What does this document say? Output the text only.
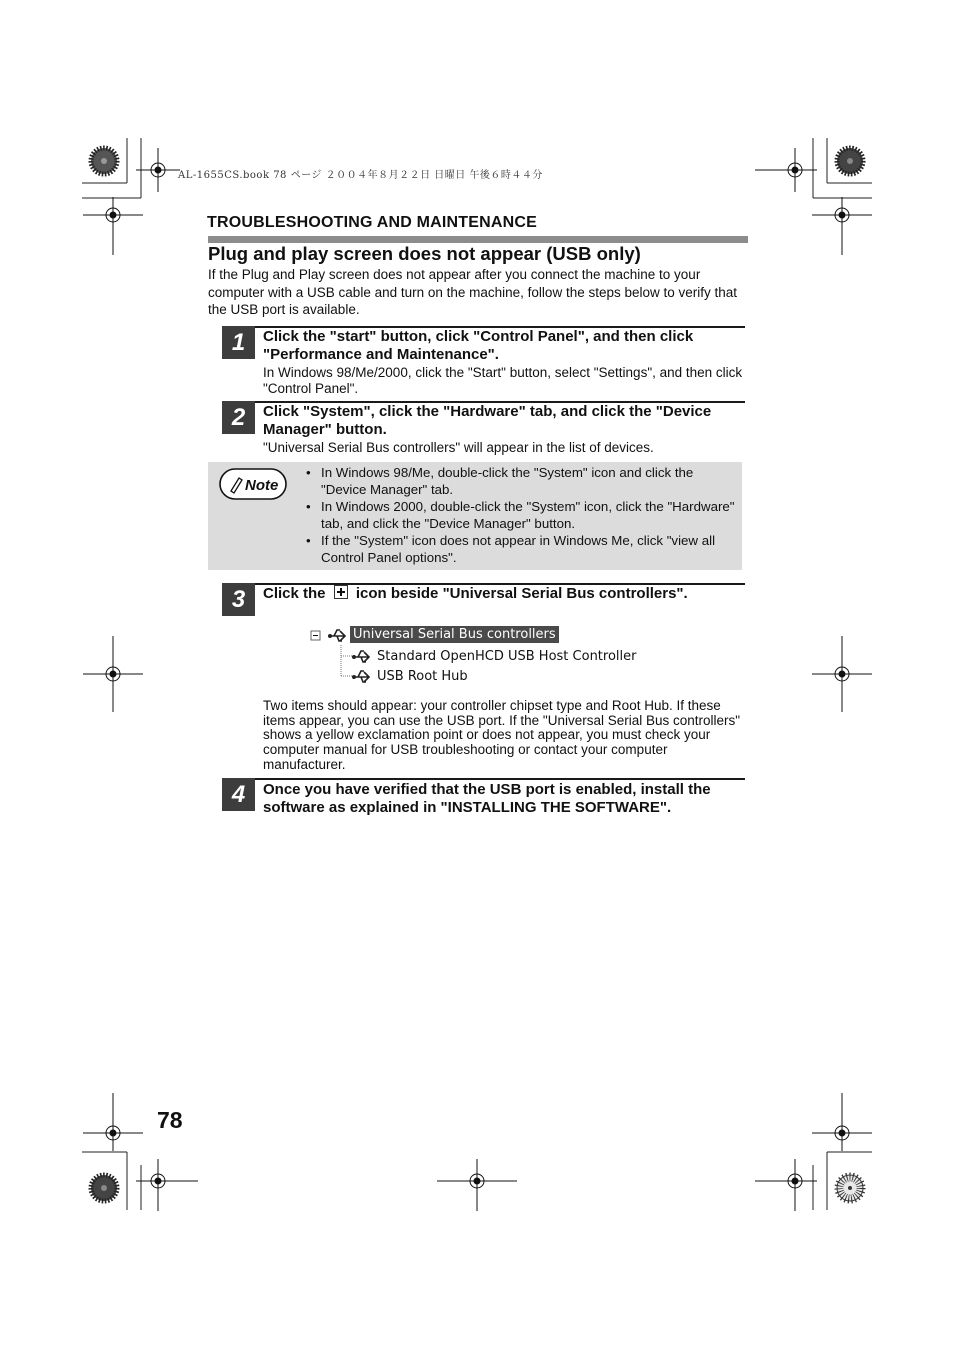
AL-1655CS.book 78 ページ ２００４年８月２２日 日曜日 午後６時４４分
TROUBLESHOOTING AND MAINTENANCE
Plug and play screen does not appear (USB only)
If the Plug and Play screen does not appear after you connect the machine to your computer with a USB cable and turn on the machine, follow the steps below to verify that the USB port is available.
1	Click the "start" button, click "Control Panel", and then click "Performance and Maintenance".
In Windows 98/Me/2000, click the "Start" button, select "Settings", and then click "Control Panel".
2	Click "System", click the "Hardware" tab, and click the "Device Manager" button.
"Universal Serial Bus controllers" will appear in the list of devices.
Note
• In Windows 98/Me, double-click the "System" icon and click the "Device Manager" tab.
• In Windows 2000, double-click the "System" icon, click the "Hardware" tab, and click the "Device Manager" button.
• If the "System" icon does not appear in Windows Me, click "view all Control Panel options".
3	Click the icon beside "Universal Serial Bus controllers".
Universal Serial Bus controllers
Standard OpenHCD USB Host Controller
USB Root Hub
Two items should appear: your controller chipset type and Root Hub. If these items appear, you can use the USB port. If the "Universal Serial Bus controllers" shows a yellow exclamation point or does not appear, you must check your computer manual for USB troubleshooting or contact your computer manufacturer.
4	Once you have verified that the USB port is enabled, install the software as explained in "INSTALLING THE SOFTWARE".
78
